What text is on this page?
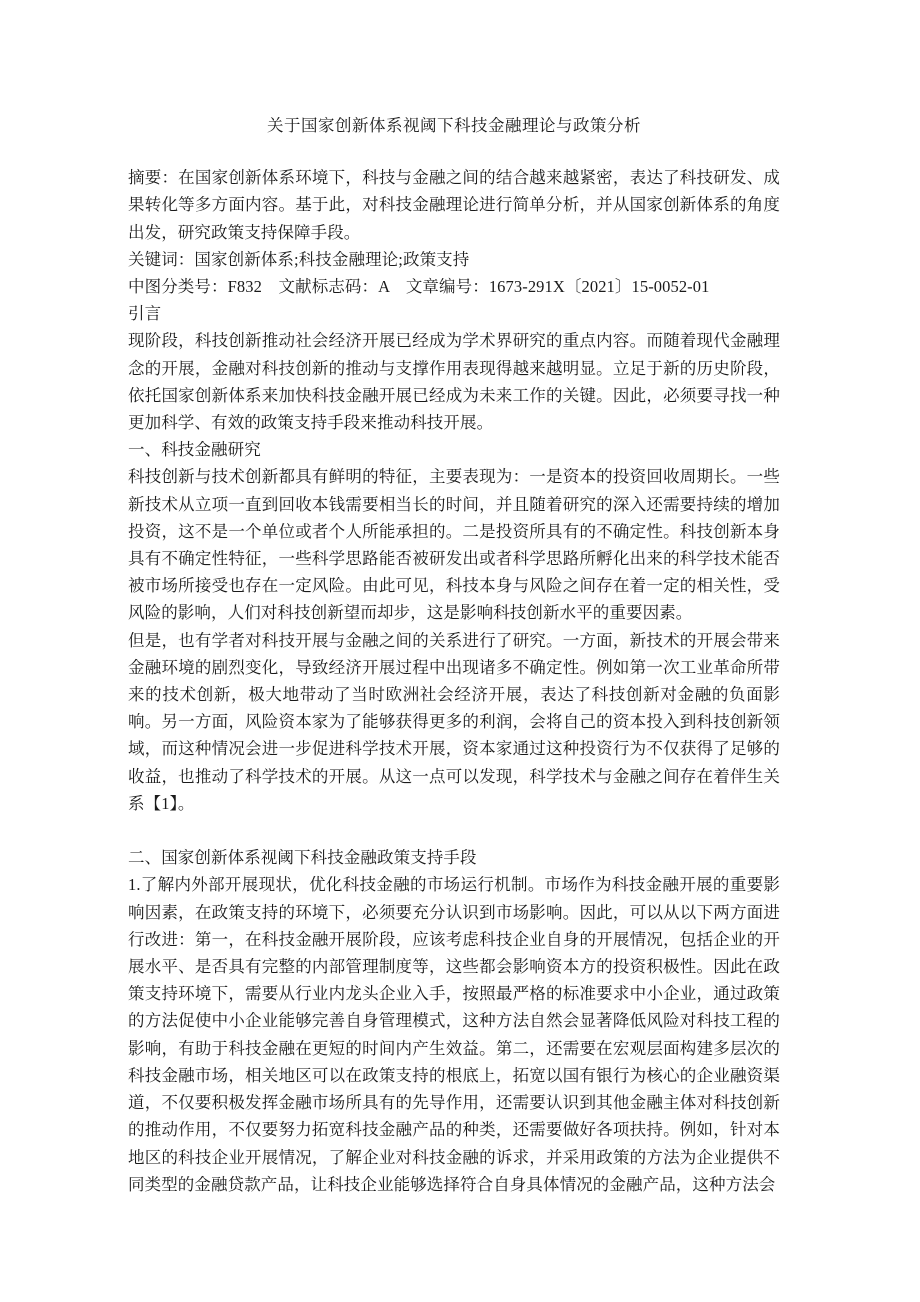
关于国家创新体系视阈下科技金融理论与政策分析
摘要：在国家创新体系环境下，科技与金融之间的结合越来越紧密，表达了科技研发、成果转化等多方面内容。基于此，对科技金融理论进行简单分析，并从国家创新体系的角度出发，研究政策支持保障手段。
关键词：国家创新体系;科技金融理论;政策支持
中图分类号：F832　文献标志码：A　文章编号：1673-291X〔2021〕15-0052-01
引言
现阶段，科技创新推动社会经济开展已经成为学术界研究的重点内容。而随着现代金融理念的开展，金融对科技创新的推动与支撑作用表现得越来越明显。立足于新的历史阶段，依托国家创新体系来加快科技金融开展已经成为未来工作的关键。因此，必须要寻找一种更加科学、有效的政策支持手段来推动科技开展。
一、科技金融研究
科技创新与技术创新都具有鲜明的特征，主要表现为：一是资本的投资回收周期长。一些新技术从立项一直到回收本钱需要相当长的时间，并且随着研究的深入还需要持续的增加投资，这不是一个单位或者个人所能承担的。二是投资所具有的不确定性。科技创新本身具有不确定性特征，一些科学思路能否被研发出或者科学思路所孵化出来的科学技术能否被市场所接受也存在一定风险。由此可见，科技本身与风险之间存在着一定的相关性，受风险的影响，人们对科技创新望而却步，这是影响科技创新水平的重要因素。
但是，也有学者对科技开展与金融之间的关系进行了研究。一方面，新技术的开展会带来金融环境的剧烈变化，导致经济开展过程中出现诸多不确定性。例如第一次工业革命所带来的技术创新，极大地带动了当时欧洲社会经济开展，表达了科技创新对金融的负面影响。另一方面，风险资本家为了能够获得更多的利润，会将自己的资本投入到科技创新领域，而这种情况会进一步促进科学技术开展，资本家通过这种投资行为不仅获得了足够的收益，也推动了科学技术的开展。从这一点可以发现，科学技术与金融之间存在着伴生关系【1】。
二、国家创新体系视阈下科技金融政策支持手段
1.了解内外部开展现状，优化科技金融的市场运行机制。市场作为科技金融开展的重要影响因素，在政策支持的环境下，必须要充分认识到市场影响。因此，可以从以下两方面进行改进：第一，在科技金融开展阶段，应该考虑科技企业自身的开展情况，包括企业的开展水平、是否具有完整的内部管理制度等，这些都会影响资本方的投资积极性。因此在政策支持环境下，需要从行业内龙头企业入手，按照最严格的标准要求中小企业，通过政策的方法促使中小企业能够完善自身管理模式，这种方法自然会显著降低风险对科技工程的影响，有助于科技金融在更短的时间内产生效益。第二，还需要在宏观层面构建多层次的科技金融市场，相关地区可以在政策支持的根底上，拓宽以国有银行为核心的企业融资渠道，不仅要积极发挥金融市场所具有的先导作用，还需要认识到其他金融主体对科技创新的推动作用，不仅要努力拓宽科技金融产品的种类，还需要做好各项扶持。例如，针对本地区的科技企业开展情况，了解企业对科技金融的诉求，并采用政策的方法为企业提供不同类型的金融贷款产品，让科技企业能够选择符合自身具体情况的金融产品，这种方法会
